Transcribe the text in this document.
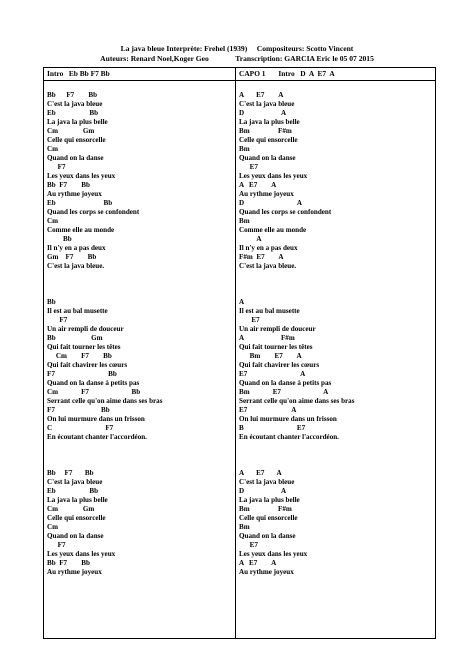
La java bleue Interprète: Frehel (1939)     Compositeurs: Scotto Vincent
Auteurs: Renard Noel,Koger Geo              Transcription: GARCIA Eric le 05 07 2015
Intro   Eb Bb F7 Bb	CAPO 1       Intro   D  A  E7  A
Bb      F7        Bb
C'est la java bleue
Eb                   Bb
La java la plus belle
Cm              Gm
Celle qui ensorcelle
Cm
Quand on la danse
F7
Les yeux dans les yeux
Bb  F7        Bb
Au rythme joyeux
Eb                           Bb
Quand les corps se confondent
Cm
Comme elle au monde
Bb
Il n'y en a pas deux
Gm    F7        Bb
C'est la java bleue.
Bb
Il est au bal musette
F7
Un air rempli de douceur
Bb                    Gm
Qui fait tourner les têtes
Cm        F7        Bb
Qui fait chavirer les cœurs
F7                              Bb
Quand on la danse à petits pas
Cm             F7                        Bb
Serrant celle qu'on aime dans ses bras
F7                          Bb
On lui murmure dans un frisson
C                              F7
En écoutant chanter l'accordéon.
Bb     F7       Bb
C'est la java bleue
Eb                   Bb
La java la plus belle
Cm              Gm
Celle qui ensorcelle
Cm
Quand on la danse
F7
Les yeux dans les yeux
Bb  F7        Bb
Au rythme joyeux
A       E7        A
C'est la java bleue
D                     A
La java la plus belle
Bm                F#m
Celle qui ensorcelle
Bm
Quand on la danse
E7
Les yeux dans les yeux
A   E7        A
Au rythme joyeux
D                              A
Quand les corps se confondent
Bm
Comme elle au monde
A
Il n'y en a pas deux
F#m  E7        A
C'est la java bleue.
A
Il est au bal musette
E7
Un air rempli de douceur
A                     F#m
Qui fait tourner les têtes
Bm        E7        A
Qui fait chavirer les cœurs
E7                              A
Quand on la danse à petits pas
Bm             E7                        A
Serrant celle qu'on aime dans ses bras
E7                         A
On lui murmure dans un frisson
B                              E7
En écoutant chanter l'accordéon.
A       E7       A
C'est la java bleue
D                     A
La java la plus belle
Bm                F#m
Celle qui ensorcelle
Bm
Quand on la danse
E7
Les yeux dans les yeux
A   E7        A
Au rythme joyeux
